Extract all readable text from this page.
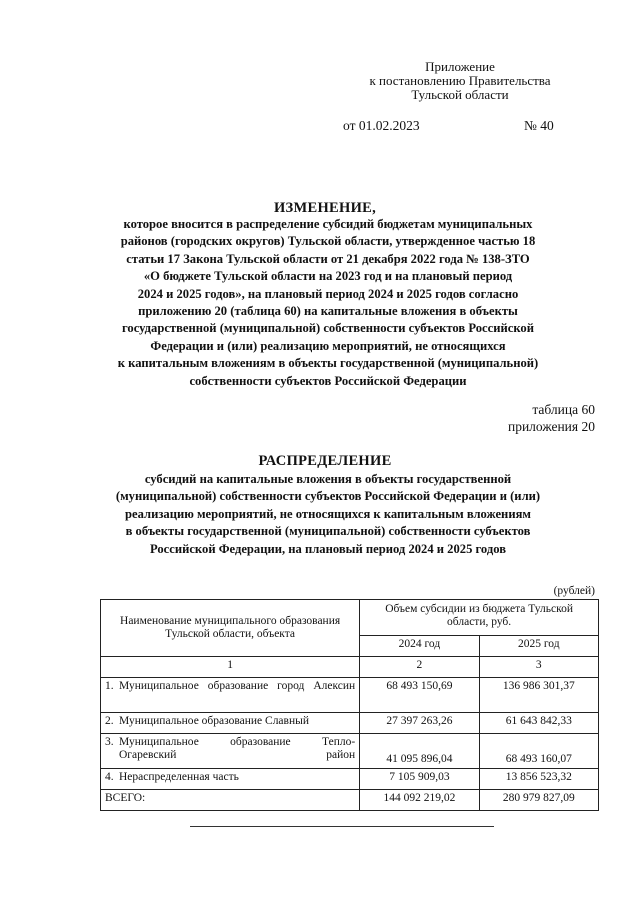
Приложение
к постановлению Правительства
Тульской области
от 01.02.2023	№ 40
ИЗМЕНЕНИЕ,
которое вносится в распределение субсидий бюджетам муниципальных
районов (городских округов) Тульской области, утвержденное частью 18
статьи 17 Закона Тульской области от 21 декабря 2022 года № 138-ЗТО
«О бюджете Тульской области на 2023 год и на плановый период
2024 и 2025 годов», на плановый период 2024 и 2025 годов согласно
приложению 20 (таблица 60) на капитальные вложения в объекты
государственной (муниципальной) собственности субъектов Российской
Федерации и (или) реализацию мероприятий, не относящихся
к капитальным вложениям в объекты государственной (муниципальной)
собственности субъектов Российской Федерации
таблица 60
приложения 20
РАСПРЕДЕЛЕНИЕ
субсидий на капитальные вложения в объекты государственной
(муниципальной) собственности субъектов Российской Федерации и (или)
реализацию мероприятий, не относящихся к капитальным вложениям
в объекты государственной (муниципальной) собственности субъектов
Российской Федерации, на плановый период 2024 и 2025 годов
(рублей)
Наименование муниципального образования Тульской области, объекта	Объем субсидии из бюджета Тульской области, руб.	
	2024 год	2025 год
1	2	3

1. Муниципальное образование город Алексин	68 493 150,69	136 986 301,37

2. Муниципальное образование Славный	27 397 263,26	61 643 842,33

3. Муниципальное образование Тепло-Огаревский район	41 095 896,04	68 493 160,07

4. Нераспределенная часть	7 105 909,03	13 856 523,32
ВСЕГО:	144 092 219,02	280 979 827,09
